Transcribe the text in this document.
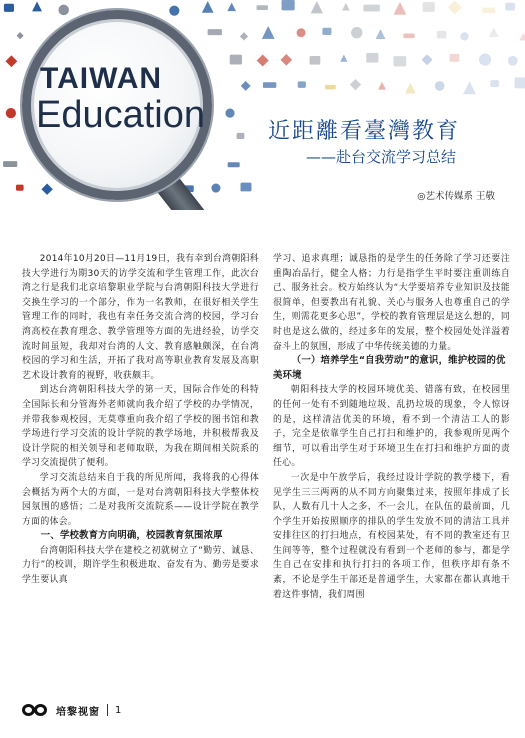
TAIWAN
Education	近距離看臺灣教育
——赴台交流学习总结
◎艺术传媒系 王敬

2014年10月20日—11月19日，我有幸到台湾朝阳科技大学进行为期30天的访学交流和学生管理工作，此次台湾之行是我们北京培黎职业学院与台湾朝阳科技大学进行交换生学习的一个部分，作为一名教师，在很好相关学生管理工作的同时，我也有幸任务交流合湾的校园，学习台湾高校在教育理念、教学管理等方面的先进经验，访学交流时间虽短，我却对台湾的人文、教育感触颇深，在台湾校园的学习和生活，开拓了我对高等职业教育发展及高职艺术设计教育的视野，收获颇丰。

到达台湾朝阳科技大学的第一天，国际合作处的科特全国际长和分管海外老师就向我介绍了学校的办学情况，并带我参观校园，无莫尊重向我介绍了学校的图书馆和教学场进行学习交流的设计学院的教学场地，并积极帮我及设计学院的相关领导和老师取联，为我在期间相关院系的学习交流提供了便利。

学习交流总结来自于我的所见所闻，我将我的心得体会概括为两个大的方面，一是对台湾朝阳科技大学整体校园氛围的感悟；二是对我所交流院系——设计学院在教学方面的体会。

一、学校教育方向明确，校园教育氛围浓厚

台湾朝阳科技大学在建校之初就树立了“勤劳、诚恳、力行”的校训，期许学生积极进取、奋发有为、勤劳是要求学生要认真

学习、追求真理；诚恳指的是学生的任务除了学习还要注重陶冶品行，健全人格；力行是指学生平时要注重训练自己、服务社会。校方始终认为“大学要培养专业知识及技能很简单，但要教出有礼貌、关心与服务人也尊重自己的学生，则需花更多心思”，学校的教育管理层是这么想的，同时也是这么做的，经过多年的发展，整个校园处处洋溢着奋斗上的氛围，形成了中华传统美德的力量。

（一）培养学生“自我劳动”的意识，维护校园的优美环境

朝阳科技大学的校园环境优美、错落有致，在校园里的任何一处有不到随地垃圾、乱扔垃圾的现象，令人惊讶的是，这样清洁优美的环境，看不到一个清洁工人的影子，完全是依靠学生自己打扫和维护的，我参观所见两个细节，可以看出学生对于环境卫生在打扫和维护方面的责任心。

一次是中午放学后，我经过设计学院的教学楼下，看见学生三三两两的从不同方向聚集过来，按照年排成了长队，人数有几十人之多，不一会儿，在队伍的最前面，几个学生开始按照顺序的排队的学生发放不同的清洁工具并安排往区的打扫地点，有校园某处，有不同的教室还有卫生间等等，整个过程就没有看到一个老师的参与，都是学生自己在安排和执行打扫的各项工作，但秩序却有条不紊，不论是学生干部还是普通学生，大家都在都认真地干着这件事情，我们周围

培黎视窗 1
